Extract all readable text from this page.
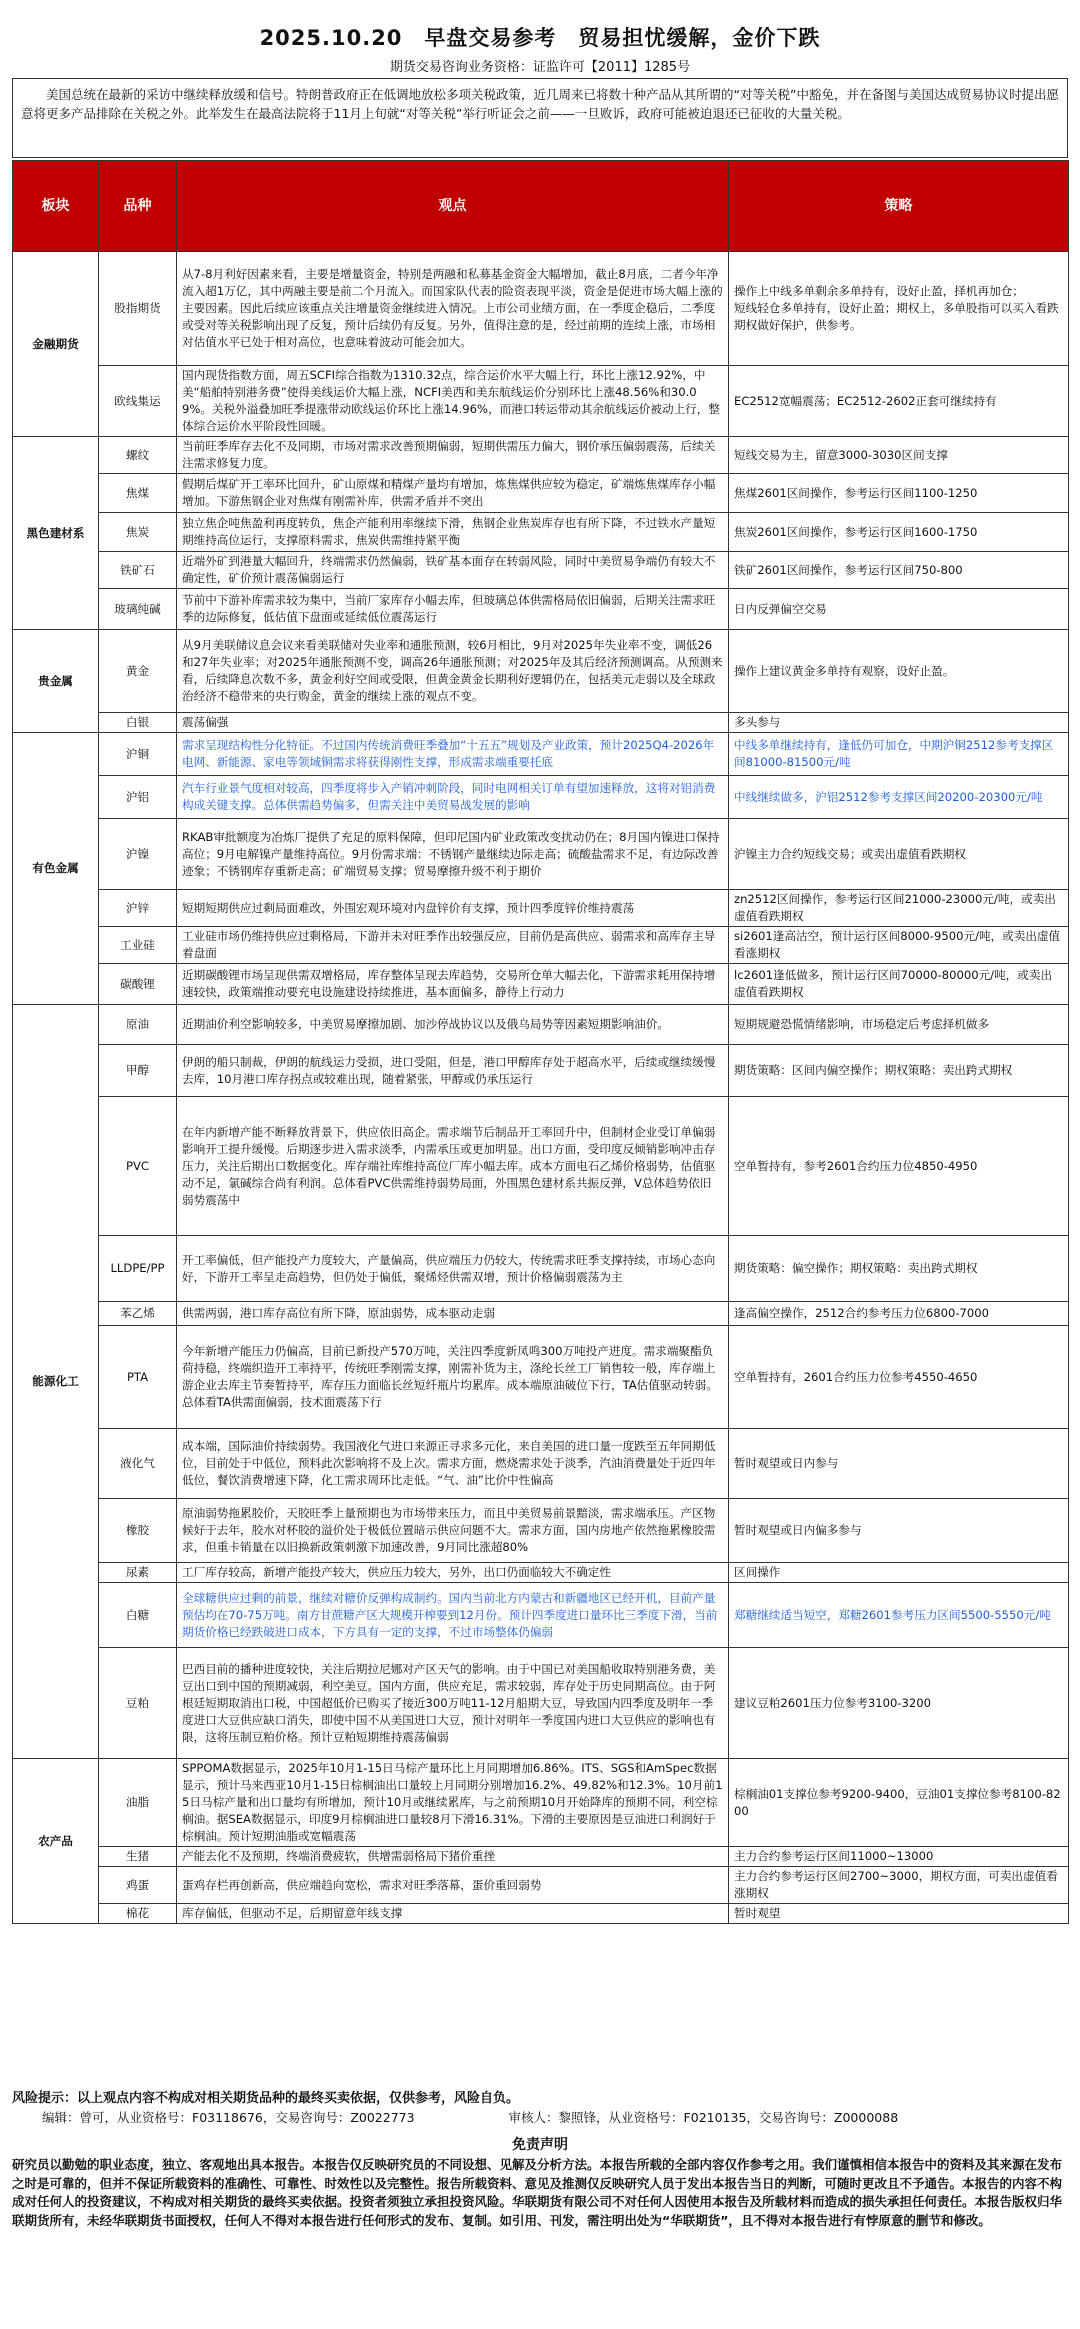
2025.10.20　早盘交易参考　贸易担忧缓解，金价下跌
期货交易咨询业务资格：证监许可【2011】1285号
美国总统在最新的采访中继续释放缓和信号。特朗普政府正在低调地放松多项关税政策，近几周来已将数十种产品从其所谓的“对等关税”中豁免，并在备图与美国达成贸易协议时提出愿意将更多产品排除在关税之外。此举发生在最高法院将于11月上旬就“对等关税”举行听证会之前——一旦败诉，政府可能被迫退还已征收的大量关税。
板块	品种	观点	策略
金融期货	股指期货	从7-8月利好因素来看，主要是增量资金，特别是两融和私募基金资金大幅增加，截止8月底，二者今年净流入超1万亿，其中两融主要是前二个月流入。而国家队代表的险资表现平淡，资金是促进市场大幅上涨的主要因素。因此后续应该重点关注增量资金继续进入情况。上市公司业绩方面，在一季度企稳后，二季度或受对等关税影响出现了反复，预计后续仍有反复。另外，值得注意的是，经过前期的连续上涨，市场相对估值水平已处于相对高位，也意味着波动可能会加大。	操作上中线多单剩余多单持有，设好止盈，择机再加仓；
短线轻仓多单持有，设好止盈；期权上，多单股指可以买入看跌期权做好保护，供参考。
	欧线集运	国内现货指数方面，周五SCFI综合指数为1310.32点，综合运价水平大幅上行，环比上涨12.92%，中美“船舶特别港务费”使得美线运价大幅上涨，NCFI美西和美东航线运价分别环比上涨48.56%和30.09%。关税外溢叠加旺季提涨带动欧线运价环比上涨14.96%，而港口转运带动其余航线运价被动上行，整体综合运价水平阶段性回暖。	EC2512宽幅震荡；EC2512-2602正套可继续持有
黑色建材系	螺纹	当前旺季库存去化不及同期，市场对需求改善预期偏弱，短期供需压力偏大，钢价承压偏弱震荡，后续关注需求修复力度。	短线交易为主，留意3000-3030区间支撑
	焦煤	假期后煤矿开工率环比回升，矿山原煤和精煤产量均有增加，炼焦煤供应较为稳定，矿端炼焦煤库存小幅增加。下游焦钢企业对焦煤有刚需补库，供需矛盾并不突出	焦煤2601区间操作，参考运行区间1100-1250
	焦炭	独立焦企吨焦盈利再度转负，焦企产能利用率继续下滑，焦钢企业焦炭库存也有所下降，不过铁水产量短期维持高位运行，支撑原料需求，焦炭供需维持紧平衡	焦炭2601区间操作，参考运行区间1600-1750
	铁矿石	近端外矿到港量大幅回升，终端需求仍然偏弱，铁矿基本面存在转弱风险，同时中美贸易争端仍有较大不确定性，矿价预计震荡偏弱运行	铁矿2601区间操作，参考运行区间750-800
	玻璃纯碱	节前中下游补库需求较为集中，当前厂家库存小幅去库，但玻璃总体供需格局依旧偏弱，后期关注需求旺季的边际修复，低估值下盘面或延续低位震荡运行	日内反弹偏空交易
贵金属	黄金	从9月美联储议息会议来看美联储对失业率和通胀预测，较6月相比，9月对2025年失业率不变，调低26和27年失业率；对2025年通胀预测不变，调高26年通胀预测；对2025年及其后经济预测调高。从预测来看，后续降息次数不多，黄金利好空间或受限，但黄金黄金长期利好逻辑仍在，包括美元走弱以及全球政治经济不稳带来的央行购金，黄金的继续上涨的观点不变。	操作上建议黄金多单持有观察，设好止盈。
	白银	震荡偏强	多头参与
有色金属	沪铜	需求呈现结构性分化特征。不过国内传统消费旺季叠加“十五五”规划及产业政策，预计2025Q4-2026年电网、新能源、家电等领域铜需求将获得刚性支撑，形成需求端重要托底	中线多单继续持有，逢低仍可加仓，中期沪铜2512参考支撑区间81000-81500元/吨
	沪铝	汽车行业景气度相对较高，四季度将步入产销冲刺阶段，同时电网相关订单有望加速释放，这将对铝消费构成关键支撑。总体供需趋势偏多，但需关注中美贸易战发展的影响	中线继续做多，沪铝2512参考支撑区间20200-20300元/吨
	沪镍	RKAB审批额度为冶炼厂提供了充足的原料保障，但印尼国内矿业政策改变扰动仍在；8月国内镍进口保持高位；9月电解镍产量维持高位。9月份需求端：不锈钢产量继续边际走高；硫酸盐需求不足，有边际改善迹象；不锈钢库存重新走高；矿端贸易支撑；贸易摩擦升级不利于期价	沪镍主力合约短线交易；或卖出虚值看跌期权
	沪锌	短期短期供应过剩局面难改，外围宏观环境对内盘锌价有支撑，预计四季度锌价维持震荡	zn2512区间操作，参考运行区间21000-23000元/吨，或卖出虚值看跌期权
	工业硅	工业硅市场仍维持供应过剩格局，下游并未对旺季作出较强反应，目前仍是高供应、弱需求和高库存主导着盘面	si2601逢高沽空，预计运行区间8000-9500元/吨，或卖出虚值看涨期权
	碳酸锂	近期碳酸锂市场呈现供需双增格局，库存整体呈现去库趋势，交易所仓单大幅去化，下游需求耗用保持增速较快，政策端推动要充电设施建设持续推进，基本面偏多，静待上行动力	lc2601逢低做多，预计运行区间70000-80000元/吨，或卖出虚值看跌期权
能源化工	原油	近期油价利空影响较多，中美贸易摩擦加剧、加沙停战协议以及俄乌局势等因素短期影响油价。	短期规避恐慌情绪影响，市场稳定后考虑择机做多
	甲醇	伊朗的船只制裁，伊朗的航线运力受损，进口受阻，但是，港口甲醇库存处于超高水平，后续或继续缓慢去库，10月港口库存拐点或较难出现，随着紧张，甲醇或仍承压运行	期货策略：区间内偏空操作；期权策略：卖出跨式期权
	PVC	在年内新增产能不断释放背景下，供应依旧高企。需求端节后制品开工率回升中，但制材企业受订单偏弱影响开工提升缓慢。后期逐步进入需求淡季，内需承压或更加明显。出口方面，受印度反倾销影响冲击存压力，关注后期出口数据变化。库存端社库维持高位厂库小幅去库。成本方面电石乙烯价格弱势，估值驱动不足，氯碱综合尚有利润。总体看PVC供需维持弱势局面，外围黑色建材系共振反弹，V总体趋势依旧弱势震荡中	空单暂持有，参考2601合约压力位4850-4950
	LLDPE/PP	开工率偏低，但产能投产力度较大，产量偏高，供应端压力仍较大，传统需求旺季支撑持续，市场心态向好，下游开工率呈走高趋势，但仍处于偏低，聚烯烃供需双增，预计价格偏弱震荡为主	期货策略：偏空操作；期权策略：卖出跨式期权
	苯乙烯	供需两弱，港口库存高位有所下降，原油弱势，成本驱动走弱	逢高偏空操作，2512合约参考压力位6800-7000
	PTA	今年新增产能压力仍偏高，目前已新投产570万吨，关注四季度新凤鸣300万吨投产进度。需求端聚酯负荷持稳，终端织造开工率持平，传统旺季刚需支撑，刚需补货为主，涤纶长丝工厂销售较一般，库存端上游企业去库主节奏暂持平，库存压力面临长丝短纤瓶片均累库。成本端原油破位下行，TA估值驱动转弱。总体看TA供需面偏弱，技术面震荡下行	空单暂持有，2601合约压力位参考4550-4650
	液化气	成本端，国际油价持续弱势。我国液化气进口来源正寻求多元化，来自美国的进口量一度跌至五年同期低位，目前处于中低位，预料此次影响将不及上次。需求方面，燃烧需求处于淡季，汽油消费量处于近四年低位，餐饮消费增速下降，化工需求周环比走低。“气、油”比价中性偏高	暂时观望或日内参与
	橡胶	原油弱势拖累胶价，天胶旺季上量预期也为市场带来压力，而且中美贸易前景黯淡，需求端承压。产区物候好于去年，胶水对杯胶的溢价处于极低位置暗示供应问题不大。需求方面，国内房地产依然拖累橡胶需求，但重卡销量在以旧换新政策刺激下加速改善，9月同比涨超80%	暂时观望或日内偏多参与
	尿素	工厂库存较高，新增产能投产较大，供应压力较大，另外，出口仍面临较大不确定性	区间操作
	白糖	全球糖供应过剩的前景，继续对糖价反弹构成制约。国内当前北方内蒙古和新疆地区已经开机，目前产量预估均在70-75万吨。南方甘蔗糖产区大规模开榨要到12月份。预计四季度进口量环比三季度下滑，当前期货价格已经跌破进口成本，下方具有一定的支撑，不过市场整体仍偏弱	郑糖继续适当短空，郑糖2601参考压力区间5500-5550元/吨
	豆粕	巴西目前的播种进度较快，关注后期拉尼娜对产区天气的影响。由于中国已对美国船收取特别港务费，美豆出口到中国的预期减弱，利空美豆。国内方面，供应充足，需求较弱，库存处于历史同期高位。由于阿根廷短期取消出口税，中国超低价已购买了接近300万吨11-12月船期大豆，导致国内四季度及明年一季度进口大豆供应缺口消失，即使中国不从美国进口大豆，预计对明年一季度国内进口大豆供应的影响也有限，这将压制豆粕价格。预计豆粕短期维持震荡偏弱	建议豆粕2601压力位参考3100-3200
农产品	油脂	SPPOMA数据显示，2025年10月1-15日马棕产量环比上月同期增加6.86%。ITS、SGS和AmSpec数据显示，预计马来西亚10月1-15日棕榈油出口量较上月同期分别增加16.2%、49.82%和12.3%。10月前15日马棕产量和出口量均有所增加，预计10月或继续累库，与之前预期10月开始降库的预期不同，利空棕榈油。据SEA数据显示，印度9月棕榈油进口量较8月下滑16.31%。下滑的主要原因是豆油进口利润好于棕榈油。预计短期油脂或宽幅震荡	棕榈油01支撑位参考9200-9400，豆油01支撑位参考8100-8200
	生猪	产能去化不及预期，终端消费疲软，供增需弱格局下猪价重挫	主力合约参考运行区间11000~13000
	鸡蛋	蛋鸡存栏再创新高，供应端趋向宽松，需求对旺季落幕，蛋价重回弱势	主力合约参考运行区间2700~3000，期权方面，可卖出虚值看涨期权
	棉花	库存偏低，但驱动不足，后期留意年线支撑	暂时观望
风险提示：以上观点内容不构成对相关期货品种的最终买卖依据，仅供参考，风险自负。
编辑：曾可，从业资格号：F03118676，交易咨询号：Z0022773	审核人：黎照锋，从业资格号：F0210135，交易咨询号：Z0000088
免责声明
研究员以勤勉的职业态度，独立、客观地出具本报告。本报告仅反映研究员的不同设想、见解及分析方法。本报告所载的全部内容仅作参考之用。我们谨慎相信本报告中的资料及其来源在发布之时是可靠的，但并不保证所载资料的准确性、可靠性、时效性以及完整性。报告所载资料、意见及推测仅反映研究人员于发出本报告当日的判断，可随时更改且不予通告。本报告的内容不构成对任何人的投资建议，不构成对相关期货的最终买卖依据。投资者须独立承担投资风险。华联期货有限公司不对任何人因使用本报告及所载材料而造成的损失承担任何责任。本报告版权归华联期货所有，未经华联期货书面授权，任何人不得对本报告进行任何形式的发布、复制。如引用、刊发，需注明出处为“华联期货”，且不得对本报告进行有悖原意的删节和修改。
